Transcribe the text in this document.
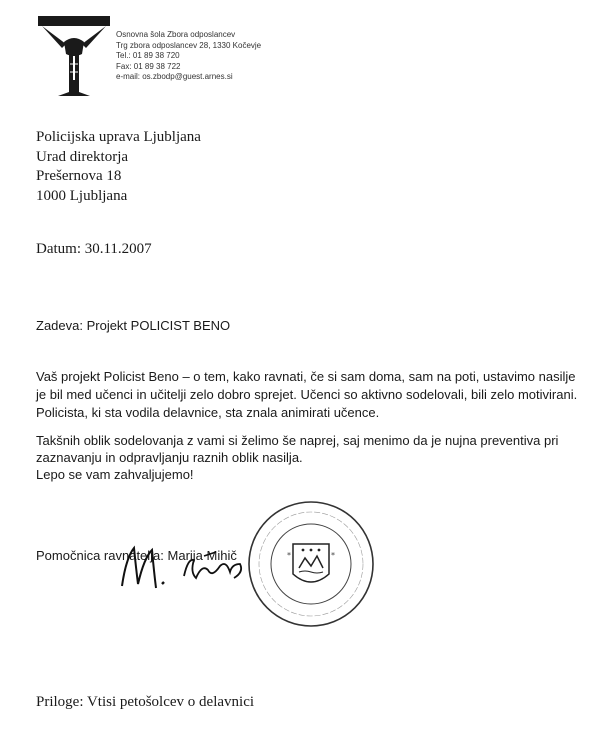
Osnovna šola Zbora odposlancev
Trg zbora odposlancev 28, 1330 Kočevje
Tel.: 01 89 38 720
Fax: 01 89 38 722
e-mail: os.zbodp@guest.arnes.si
Policijska uprava Ljubljana
Urad direktorja
Prešernova 18
1000 Ljubljana
Datum: 30.11.2007
Zadeva: Projekt POLICIST BENO
Vaš projekt Policist Beno – o tem, kako ravnati, če si sam doma, sam na poti, ustavimo nasilje je bil med učenci in učitelji zelo dobro sprejet. Učenci so aktivno sodelovali, bili zelo motivirani. Policista, ki sta vodila delavnice, sta znala animirati učence.
Takšnih oblik sodelovanja z vami si želimo še naprej, saj menimo da je nujna preventiva pri zaznavanju in odpravljanju raznih oblik nasilja.
Lepo se vam zahvaljujemo!
Pomočnica ravnatelja: Marija Mihič	*	*
Priloge: Vtisi petošolcev o delavnici
